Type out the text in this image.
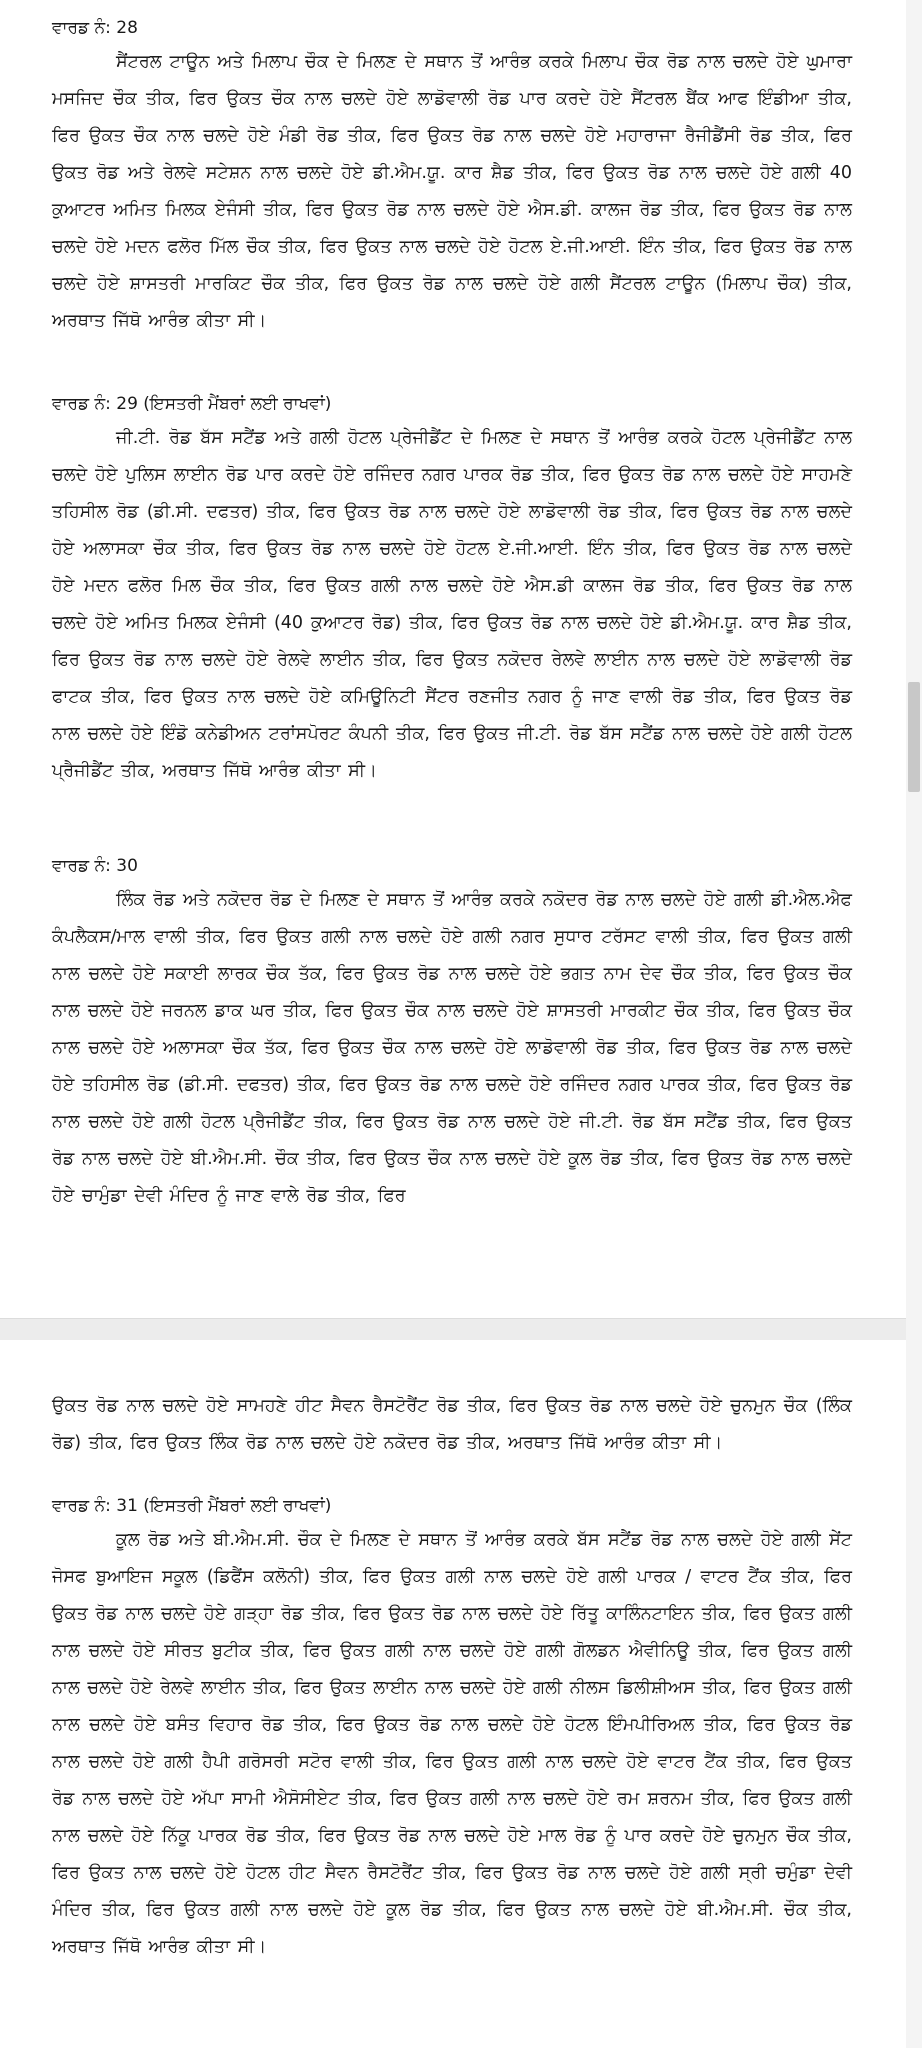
ਵਾਰਡ ਨੰ: 28

ਸੈਂਟਰਲ ਟਾਊਨ ਅਤੇ ਮਿਲਾਪ ਚੌਕ ਦੇ ਮਿਲਣ ਦੇ ਸਥਾਨ ਤੋਂ ਆਰੰਭ ਕਰਕੇ ਮਿਲਾਪ ਚੌਕ ਰੋਡ ਨਾਲ ਚਲਦੇ ਹੋਏ ਘੁਮਾਰਾ ਮਸਜਿਦ ਚੌਕ ਤੀਕ, ਫਿਰ ਉਕਤ ਚੌਕ ਨਾਲ ਚਲਦੇ ਹੋਏ ਲਾਡੋਵਾਲੀ ਰੋਡ ਪਾਰ ਕਰਦੇ ਹੋਏ ਸੈਂਟਰਲ ਬੈਂਕ ਆਫ ਇੰਡੀਆ ਤੀਕ, ਫਿਰ ਉਕਤ ਚੌਕ ਨਾਲ ਚਲਦੇ ਹੋਏ ਮੰਡੀ ਰੋਡ ਤੀਕ, ਫਿਰ ਉਕਤ ਰੋਡ ਨਾਲ ਚਲਦੇ ਹੋਏ ਮਹਾਰਾਜਾ ਰੈਜੀਡੈਂਸੀ ਰੋਡ ਤੀਕ, ਫਿਰ ਉਕਤ ਰੋਡ ਅਤੇ ਰੇਲਵੇ ਸਟੇਸ਼ਨ ਨਾਲ ਚਲਦੇ ਹੋਏ ਡੀ.ਐਮ.ਯੂ. ਕਾਰ ਸ਼ੈਡ ਤੀਕ, ਫਿਰ ਉਕਤ ਰੋਡ ਨਾਲ ਚਲਦੇ ਹੋਏ ਗਲੀ 40 ਕੁਆਟਰ ਅਮਿਤ ਮਿਲਕ ਏਜੰਸੀ ਤੀਕ, ਫਿਰ ਉਕਤ ਰੋਡ ਨਾਲ ਚਲਦੇ ਹੋਏ ਐਸ.ਡੀ. ਕਾਲਜ ਰੋਡ ਤੀਕ, ਫਿਰ ਉਕਤ ਰੋਡ ਨਾਲ ਚਲਦੇ ਹੋਏ ਮਦਨ ਫਲੋਰ ਮਿੱਲ ਚੌਕ ਤੀਕ, ਫਿਰ ਉਕਤ ਨਾਲ ਚਲਦੇ ਹੋਏ ਹੋਟਲ ਏ.ਜੀ.ਆਈ. ਇੰਨ ਤੀਕ, ਫਿਰ ਉਕਤ ਰੋਡ ਨਾਲ ਚਲਦੇ ਹੋਏ ਸ਼ਾਸਤਰੀ ਮਾਰਕਿਟ ਚੌਕ ਤੀਕ, ਫਿਰ ਉਕਤ ਰੋਡ ਨਾਲ ਚਲਦੇ ਹੋਏ ਗਲੀ ਸੈਂਟਰਲ ਟਾਊਨ (ਮਿਲਾਪ ਚੌਕ) ਤੀਕ, ਅਰਥਾਤ ਜਿੱਥੋ ਆਰੰਭ ਕੀਤਾ ਸੀ।

ਵਾਰਡ ਨੰ: 29 (ਇਸਤਰੀ ਮੈਂਬਰਾਂ ਲਈ ਰਾਖਵਾਂ)

ਜੀ.ਟੀ. ਰੋਡ ਬੱਸ ਸਟੈਂਡ ਅਤੇ ਗਲੀ ਹੋਟਲ ਪ੍ਰੇਜੀਡੈਂਟ ਦੇ ਮਿਲਣ ਦੇ ਸਥਾਨ ਤੋਂ ਆਰੰਭ ਕਰਕੇ ਹੋਟਲ ਪ੍ਰੇਜੀਡੈਂਟ ਨਾਲ ਚਲਦੇ ਹੋਏ ਪੁਲਿਸ ਲਾਈਨ ਰੋਡ ਪਾਰ ਕਰਦੇ ਹੋਏ ਰਜਿੰਦਰ ਨਗਰ ਪਾਰਕ ਰੋਡ ਤੀਕ, ਫਿਰ ਉਕਤ ਰੋਡ ਨਾਲ ਚਲਦੇ ਹੋਏ ਸਾਹਮਣੇ ਤਹਿਸੀਲ ਰੋਡ (ਡੀ.ਸੀ. ਦਫਤਰ) ਤੀਕ, ਫਿਰ ਉਕਤ ਰੋਡ ਨਾਲ ਚਲਦੇ ਹੋਏ ਲਾਡੋਵਾਲੀ ਰੋਡ ਤੀਕ, ਫਿਰ ਉਕਤ ਰੋਡ ਨਾਲ ਚਲਦੇ ਹੋਏ ਅਲਾਸਕਾ ਚੌਕ ਤੀਕ, ਫਿਰ ਉਕਤ ਰੋਡ ਨਾਲ ਚਲਦੇ ਹੋਏ ਹੋਟਲ ਏ.ਜੀ.ਆਈ. ਇੰਨ ਤੀਕ, ਫਿਰ ਉਕਤ ਰੋਡ ਨਾਲ ਚਲਦੇ ਹੋਏ ਮਦਨ ਫਲੋਰ ਮਿਲ ਚੌਕ ਤੀਕ, ਫਿਰ ਉਕਤ ਗਲੀ ਨਾਲ ਚਲਦੇ ਹੋਏ ਐਸ.ਡੀ ਕਾਲਜ ਰੋਡ ਤੀਕ, ਫਿਰ ਉਕਤ ਰੋਡ ਨਾਲ ਚਲਦੇ ਹੋਏ ਅਮਿਤ ਮਿਲਕ ਏਜੰਸੀ (40 ਕੁਆਟਰ ਰੋਡ) ਤੀਕ, ਫਿਰ ਉਕਤ ਰੋਡ ਨਾਲ ਚਲਦੇ ਹੋਏ ਡੀ.ਐਮ.ਯੂ. ਕਾਰ ਸ਼ੈਡ ਤੀਕ, ਫਿਰ ਉਕਤ ਰੋਡ ਨਾਲ ਚਲਦੇ ਹੋਏ ਰੇਲਵੇ ਲਾਈਨ ਤੀਕ, ਫਿਰ ਉਕਤ ਨਕੋਦਰ ਰੇਲਵੇ ਲਾਈਨ ਨਾਲ ਚਲਦੇ ਹੋਏ ਲਾਡੋਵਾਲੀ ਰੋਡ ਫਾਟਕ ਤੀਕ, ਫਿਰ ਉਕਤ ਨਾਲ ਚਲਦੇ ਹੋਏ ਕਮਿਊਨਿਟੀ ਸੈਂਟਰ ਰਣਜੀਤ ਨਗਰ ਨੂੰ ਜਾਣ ਵਾਲੀ ਰੋਡ ਤੀਕ, ਫਿਰ ਉਕਤ ਰੋਡ ਨਾਲ ਚਲਦੇ ਹੋਏ ਇੰਡੋ ਕਨੇਡੀਅਨ ਟਰਾਂਸਪੋਰਟ ਕੰਪਨੀ ਤੀਕ, ਫਿਰ ਉਕਤ ਜੀ.ਟੀ. ਰੋਡ ਬੱਸ ਸਟੈਂਡ ਨਾਲ ਚਲਦੇ ਹੋਏ ਗਲੀ ਹੋਟਲ ਪ੍ਰੈਜੀਡੈਂਟ ਤੀਕ, ਅਰਥਾਤ ਜਿੱਥੋ ਆਰੰਭ ਕੀਤਾ ਸੀ।

ਵਾਰਡ ਨੰ: 30

ਲਿੰਕ ਰੋਡ ਅਤੇ ਨਕੋਦਰ ਰੋਡ ਦੇ ਮਿਲਣ ਦੇ ਸਥਾਨ ਤੋਂ ਆਰੰਭ ਕਰਕੇ ਨਕੋਦਰ ਰੋਡ ਨਾਲ ਚਲਦੇ ਹੋਏ ਗਲੀ ਡੀ.ਐਲ.ਐਫ ਕੰਪਲੈਕਸ/ਮਾਲ ਵਾਲੀ ਤੀਕ, ਫਿਰ ਉਕਤ ਗਲੀ ਨਾਲ ਚਲਦੇ ਹੋਏ ਗਲੀ ਨਗਰ ਸੁਧਾਰ ਟਰੱਸਟ ਵਾਲੀ ਤੀਕ, ਫਿਰ ਉਕਤ ਗਲੀ ਨਾਲ ਚਲਦੇ ਹੋਏ ਸਕਾਈ ਲਾਰਕ ਚੌਕ ਤੱਕ, ਫਿਰ ਉਕਤ ਰੋਡ ਨਾਲ ਚਲਦੇ ਹੋਏ ਭਗਤ ਨਾਮ ਦੇਵ ਚੌਕ ਤੀਕ, ਫਿਰ ਉਕਤ ਚੌਕ ਨਾਲ ਚਲਦੇ ਹੋਏ ਜਰਨਲ ਡਾਕ ਘਰ ਤੀਕ, ਫਿਰ ਉਕਤ ਚੌਕ ਨਾਲ ਚਲਦੇ ਹੋਏ ਸ਼ਾਸਤਰੀ ਮਾਰਕੀਟ ਚੌਕ ਤੀਕ, ਫਿਰ ਉਕਤ ਚੌਕ ਨਾਲ ਚਲਦੇ ਹੋਏ ਅਲਾਸਕਾ ਚੌਕ ਤੱਕ, ਫਿਰ ਉਕਤ ਚੌਕ ਨਾਲ ਚਲਦੇ ਹੋਏ ਲਾਡੋਵਾਲੀ ਰੋਡ ਤੀਕ, ਫਿਰ ਉਕਤ ਰੋਡ ਨਾਲ ਚਲਦੇ ਹੋਏ ਤਹਿਸੀਲ ਰੋਡ (ਡੀ.ਸੀ. ਦਫਤਰ) ਤੀਕ, ਫਿਰ ਉਕਤ ਰੋਡ ਨਾਲ ਚਲਦੇ ਹੋਏ ਰਜਿੰਦਰ ਨਗਰ ਪਾਰਕ ਤੀਕ, ਫਿਰ ਉਕਤ ਰੋਡ ਨਾਲ ਚਲਦੇ ਹੋਏ ਗਲੀ ਹੋਟਲ ਪ੍ਰੈਜੀਡੈਂਟ ਤੀਕ, ਫਿਰ ਉਕਤ ਰੋਡ ਨਾਲ ਚਲਦੇ ਹੋਏ ਜੀ.ਟੀ. ਰੋਡ ਬੱਸ ਸਟੈਂਡ ਤੀਕ, ਫਿਰ ਉਕਤ ਰੋਡ ਨਾਲ ਚਲਦੇ ਹੋਏ ਬੀ.ਐਮ.ਸੀ. ਚੌਕ ਤੀਕ, ਫਿਰ ਉਕਤ ਚੌਕ ਨਾਲ ਚਲਦੇ ਹੋਏ ਕੂਲ ਰੋਡ ਤੀਕ, ਫਿਰ ਉਕਤ ਰੋਡ ਨਾਲ ਚਲਦੇ ਹੋਏ ਚਾਮੁੰਡਾ ਦੇਵੀ ਮੰਦਿਰ ਨੂੰ ਜਾਣ ਵਾਲੇ ਰੋਡ ਤੀਕ, ਫਿਰ

ਉਕਤ ਰੋਡ ਨਾਲ ਚਲਦੇ ਹੋਏ ਸਾਮਹਣੇ ਹੀਟ ਸੈਵਨ ਰੈਸਟੋਰੈਂਟ ਰੋਡ ਤੀਕ, ਫਿਰ ਉਕਤ ਰੋਡ ਨਾਲ ਚਲਦੇ ਹੋਏ ਚੁਨਮੁਨ ਚੌਕ (ਲਿੰਕ ਰੋਡ) ਤੀਕ, ਫਿਰ ਉਕਤ ਲਿੰਕ ਰੋਡ ਨਾਲ ਚਲਦੇ ਹੋਏ ਨਕੋਦਰ ਰੋਡ ਤੀਕ, ਅਰਥਾਤ ਜਿੱਥੋ ਆਰੰਭ ਕੀਤਾ ਸੀ।

ਵਾਰਡ ਨੰ: 31 (ਇਸਤਰੀ ਮੈਂਬਰਾਂ ਲਈ ਰਾਖਵਾਂ)

ਕੂਲ ਰੋਡ ਅਤੇ ਬੀ.ਐਮ.ਸੀ. ਚੌਕ ਦੇ ਮਿਲਣ ਦੇ ਸਥਾਨ ਤੋਂ ਆਰੰਭ ਕਰਕੇ ਬੱਸ ਸਟੈਂਡ ਰੋਡ ਨਾਲ ਚਲਦੇ ਹੋਏ ਗਲੀ ਸੇਂਟ ਜੋਸਫ ਬੁਆਇਜ ਸਕੂਲ (ਡਿਫੈਂਸ ਕਲੋਨੀ) ਤੀਕ, ਫਿਰ ਉਕਤ ਗਲੀ ਨਾਲ ਚਲਦੇ ਹੋਏ ਗਲੀ ਪਾਰਕ / ਵਾਟਰ ਟੈਂਕ ਤੀਕ, ਫਿਰ ਉਕਤ ਰੋਡ ਨਾਲ ਚਲਦੇ ਹੋਏ ਗੜ੍ਹਾ ਰੋਡ ਤੀਕ, ਫਿਰ ਉਕਤ ਰੋਡ ਨਾਲ ਚਲਦੇ ਹੋਏ ਰਿੱਤੂ ਕਾਲਿੰਨਟਾਇਨ ਤੀਕ, ਫਿਰ ਉਕਤ ਗਲੀ ਨਾਲ ਚਲਦੇ ਹੋਏ ਸੀਰਤ ਬੁਟੀਕ ਤੀਕ, ਫਿਰ ਉਕਤ ਗਲੀ ਨਾਲ ਚਲਦੇ ਹੋਏ ਗਲੀ ਗੋਲਡਨ ਐਵੀਨਿਊ ਤੀਕ, ਫਿਰ ਉਕਤ ਗਲੀ ਨਾਲ ਚਲਦੇ ਹੋਏ ਰੇਲਵੇ ਲਾਈਨ ਤੀਕ, ਫਿਰ ਉਕਤ ਲਾਈਨ ਨਾਲ ਚਲਦੇ ਹੋਏ ਗਲੀ ਨੀਲਸ ਡਿਲੀਸ਼ੀਅਸ ਤੀਕ, ਫਿਰ ਉਕਤ ਗਲੀ ਨਾਲ ਚਲਦੇ ਹੋਏ ਬਸੰਤ ਵਿਹਾਰ ਰੋਡ ਤੀਕ, ਫਿਰ ਉਕਤ ਰੋਡ ਨਾਲ ਚਲਦੇ ਹੋਏ ਹੋਟਲ ਇੰਮਪੀਰਿਅਲ ਤੀਕ, ਫਿਰ ਉਕਤ ਰੋਡ ਨਾਲ ਚਲਦੇ ਹੋਏ ਗਲੀ ਹੈਪੀ ਗਰੋਸਰੀ ਸਟੋਰ ਵਾਲੀ ਤੀਕ, ਫਿਰ ਉਕਤ ਗਲੀ ਨਾਲ ਚਲਦੇ ਹੋਏ ਵਾਟਰ ਟੈਂਕ ਤੀਕ, ਫਿਰ ਉਕਤ ਰੋਡ ਨਾਲ ਚਲਦੇ ਹੋਏ ਅੱਪਾ ਸਾਮੀ ਐਸੋਸੀਏਟ ਤੀਕ, ਫਿਰ ਉਕਤ ਗਲੀ ਨਾਲ ਚਲਦੇ ਹੋਏ ਰਮ ਸ਼ਰਨਮ ਤੀਕ, ਫਿਰ ਉਕਤ ਗਲੀ ਨਾਲ ਚਲਦੇ ਹੋਏ ਨਿੱਕੂ ਪਾਰਕ ਰੋਡ ਤੀਕ, ਫਿਰ ਉਕਤ ਰੋਡ ਨਾਲ ਚਲਦੇ ਹੋਏ ਮਾਲ ਰੋਡ ਨੂੰ ਪਾਰ ਕਰਦੇ ਹੋਏ ਚੁਨਮੁਨ ਚੌਕ ਤੀਕ, ਫਿਰ ਉਕਤ ਨਾਲ ਚਲਦੇ ਹੋਏ ਹੋਟਲ ਹੀਟ ਸੈਵਨ ਰੈਸਟੋਰੈਂਟ ਤੀਕ, ਫਿਰ ਉਕਤ ਰੋਡ ਨਾਲ ਚਲਦੇ ਹੋਏ ਗਲੀ ਸ੍ਰੀ ਚਮੁੰਡਾ ਦੇਵੀ ਮੰਦਿਰ ਤੀਕ, ਫਿਰ ਉਕਤ ਗਲੀ ਨਾਲ ਚਲਦੇ ਹੋਏ ਕੂਲ ਰੋਡ ਤੀਕ, ਫਿਰ ਉਕਤ ਨਾਲ ਚਲਦੇ ਹੋਏ ਬੀ.ਐਮ.ਸੀ. ਚੌਕ ਤੀਕ, ਅਰਥਾਤ ਜਿੱਥੋ ਆਰੰਭ ਕੀਤਾ ਸੀ।
